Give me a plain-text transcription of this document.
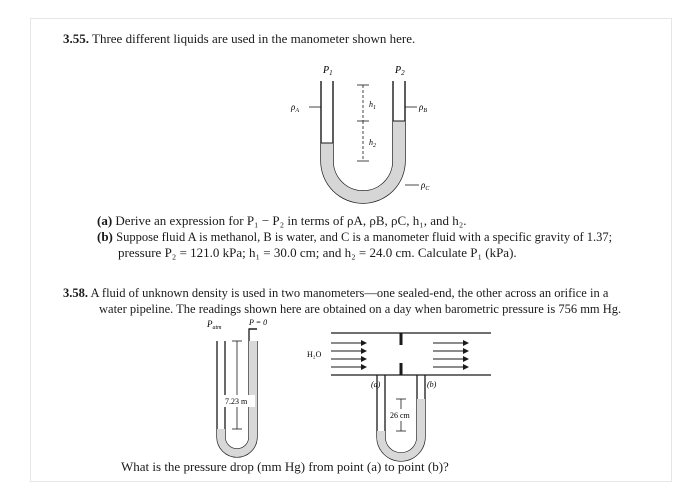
3.55. Three different liquids are used in the manometer shown here.
$P_1$	$P_2$
$\rho_A$	$\rho_B$
$\rho_C$
$h_1$
$h_2$
(a) Derive an expression for P₁ − P₂ in terms of ρA, ρB, ρC, h₁, and h₂.
(b) Suppose fluid A is methanol, B is water, and C is a manometer fluid with a specific gravity of 1.37;
pressure P₂ = 121.0 kPa; h₁ = 30.0 cm; and h₂ = 24.0 cm. Calculate P₁ (kPa).
3.58. A fluid of unknown density is used in two manometers—one sealed-end, the other across an orifice in a
water pipeline. The readings shown here are obtained on a day when barometric pressure is 756 mm Hg.
7.23 m
$P_{atm}$
P = 0
H₂O
26 cm
(a)	(b)
What is the pressure drop (mm Hg) from point (a) to point (b)?
